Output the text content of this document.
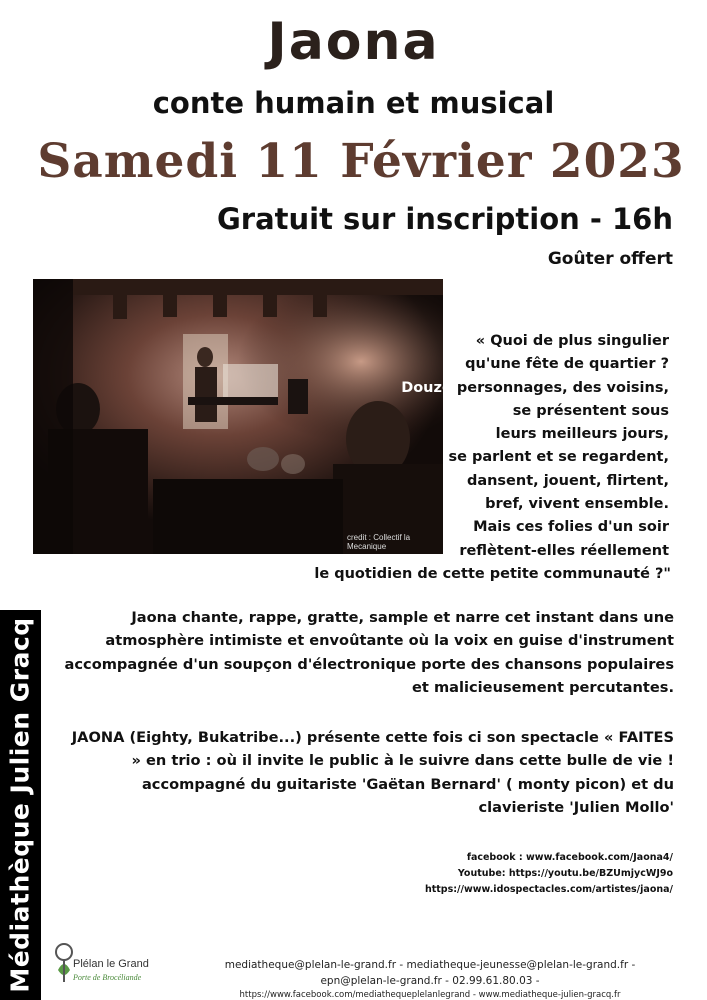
Jaona
conte humain et musical
Samedi 11 Février 2023
Gratuit sur inscription - 16h
Goûter offert
credit : Collectif la Mecanique
« Quoi de plus singulier
qu'une fête de quartier ?
Douze personnages, des voisins,
se présentent sous
leurs meilleurs jours,
se parlent et se regardent,
dansent, jouent, flirtent,
bref, vivent ensemble.
Mais ces folies d'un soir
reflètent-elles réellement
le quotidien de cette petite communauté ?"
Jaona chante, rappe, gratte, sample et narre cet instant dans une atmosphère intimiste et envoûtante où la voix en guise d'instrument accompagnée d'un soupçon d'électronique porte des chansons populaires et malicieusement percutantes.
JAONA (Eighty, Bukatribe...) présente cette fois ci son spectacle « FAITES » en trio : où il invite le public à le suivre dans cette bulle de vie !
accompagné du guitariste 'Gaëtan Bernard' ( monty picon) et du clavieriste 'Julien Mollo'
facebook : www.facebook.com/Jaona4/
Youtube: https://youtu.be/BZUmjycWJ9o
https://www.idospectacles.com/artistes/jaona/
Médiathèque Julien Gracq	Plélan le Grand
Porte de Brocéliande
mediatheque@plelan-le-grand.fr - mediatheque-jeunesse@plelan-le-grand.fr -
epn@plelan-le-grand.fr - 02.99.61.80.03 -
https://www.facebook.com/mediathequeplelanlegrand - www.mediatheque-julien-gracq.fr
